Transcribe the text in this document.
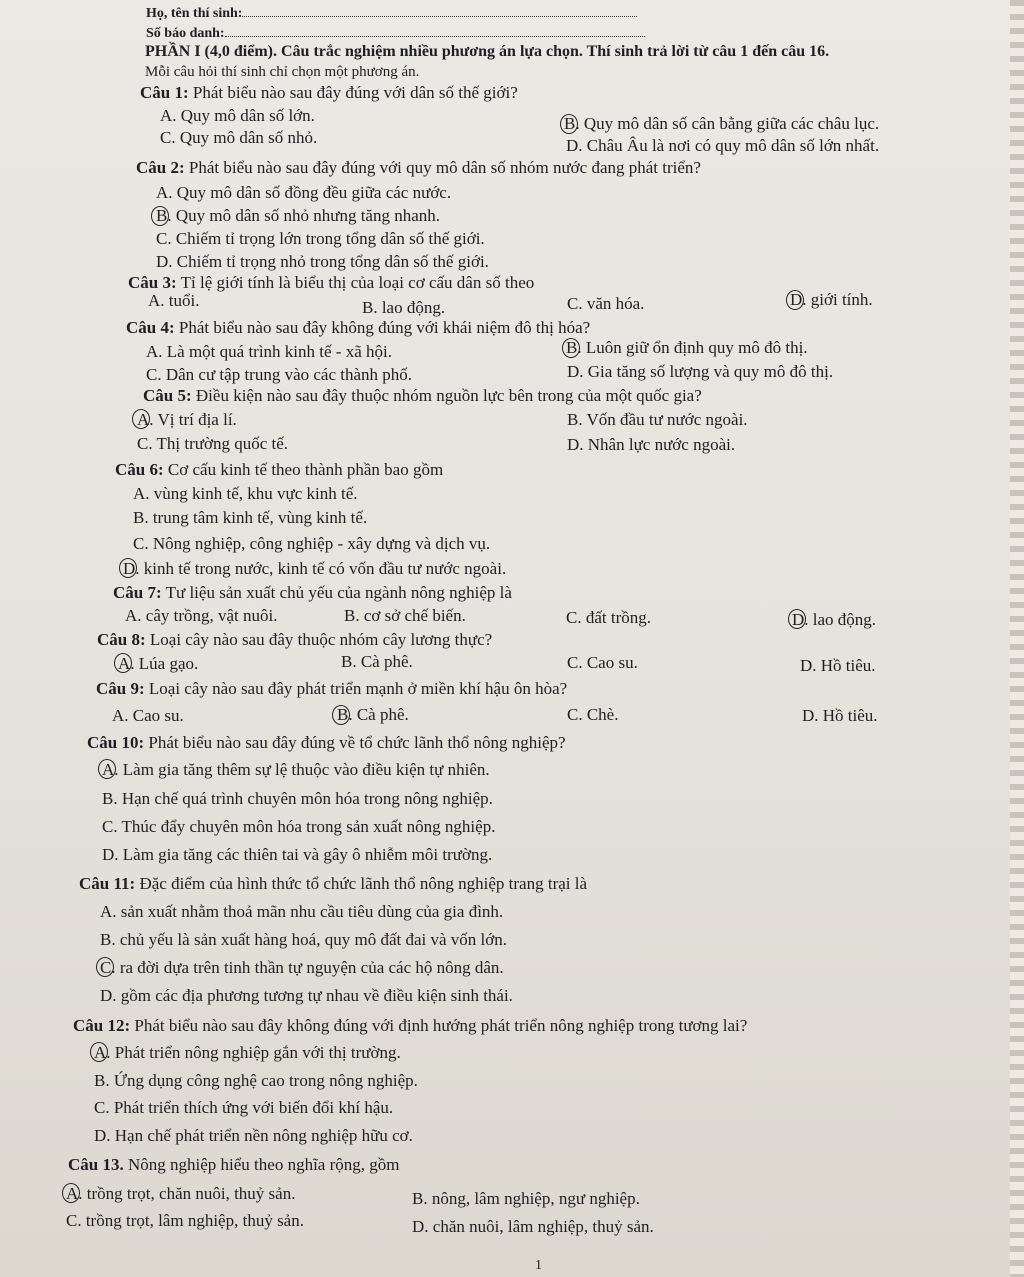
Họ, tên thí sinh:
Số báo danh:
PHẦN I (4,0 điểm). Câu trắc nghiệm nhiều phương án lựa chọn. Thí sinh trả lời từ câu 1 đến câu 16.
Mỗi câu hỏi thí sinh chỉ chọn một phương án.
Câu 1: Phát biểu nào sau đây đúng với dân số thế giới?
A. Quy mô dân số lớn.	B. Quy mô dân số cân bằng giữa các châu lục.
C. Quy mô dân số nhỏ.	D. Châu Âu là nơi có quy mô dân số lớn nhất.
Câu 2: Phát biểu nào sau đây đúng với quy mô dân số nhóm nước đang phát triển?
A. Quy mô dân số đồng đều giữa các nước.
B. Quy mô dân số nhỏ nhưng tăng nhanh.
C. Chiếm tỉ trọng lớn trong tổng dân số thế giới.
D. Chiếm tỉ trọng nhỏ trong tổng dân số thế giới.
Câu 3: Tỉ lệ giới tính là biểu thị của loại cơ cấu dân số theo
A. tuổi.	B. lao động.	C. văn hóa.	D. giới tính.
Câu 4: Phát biểu nào sau đây không đúng với khái niệm đô thị hóa?
A. Là một quá trình kinh tế - xã hội.	B. Luôn giữ ổn định quy mô đô thị.
C. Dân cư tập trung vào các thành phố.	D. Gia tăng số lượng và quy mô đô thị.
Câu 5: Điều kiện nào sau đây thuộc nhóm nguồn lực bên trong của một quốc gia?
A. Vị trí địa lí.	B. Vốn đầu tư nước ngoài.
C. Thị trường quốc tế.	D. Nhân lực nước ngoài.
Câu 6: Cơ cấu kinh tế theo thành phần bao gồm
A. vùng kinh tế, khu vực kinh tế.
B. trung tâm kinh tế, vùng kinh tế.
C. Nông nghiệp, công nghiệp - xây dựng và dịch vụ.
D. kinh tế trong nước, kinh tế có vốn đầu tư nước ngoài.
Câu 7: Tư liệu sản xuất chủ yếu của ngành nông nghiệp là
A. cây trồng, vật nuôi.	B. cơ sở chế biến.	C. đất trồng.	D. lao động.
Câu 8: Loại cây nào sau đây thuộc nhóm cây lương thực?
A. Lúa gạo.	B. Cà phê.	C. Cao su.	D. Hồ tiêu.
Câu 9: Loại cây nào sau đây phát triển mạnh ở miền khí hậu ôn hòa?
A. Cao su.	B. Cà phê.	C. Chè.	D. Hồ tiêu.
Câu 10: Phát biểu nào sau đây đúng về tổ chức lãnh thổ nông nghiệp?
A. Làm gia tăng thêm sự lệ thuộc vào điều kiện tự nhiên.
B. Hạn chế quá trình chuyên môn hóa trong nông nghiệp.
C. Thúc đẩy chuyên môn hóa trong sản xuất nông nghiệp.
D. Làm gia tăng các thiên tai và gây ô nhiễm môi trường.
Câu 11: Đặc điểm của hình thức tổ chức lãnh thổ nông nghiệp trang trại là
A. sản xuất nhằm thoả mãn nhu cầu tiêu dùng của gia đình.
B. chủ yếu là sản xuất hàng hoá, quy mô đất đai và vốn lớn.
C. ra đời dựa trên tinh thần tự nguyện của các hộ nông dân.
D. gồm các địa phương tương tự nhau về điều kiện sinh thái.
Câu 12: Phát biểu nào sau đây không đúng với định hướng phát triển nông nghiệp trong tương lai?
A. Phát triển nông nghiệp gắn với thị trường.
B. Ứng dụng công nghệ cao trong nông nghiệp.
C. Phát triển thích ứng với biến đổi khí hậu.
D. Hạn chế phát triển nền nông nghiệp hữu cơ.
Câu 13. Nông nghiệp hiểu theo nghĩa rộng, gồm
A. trồng trọt, chăn nuôi, thuỷ sản.	B. nông, lâm nghiệp, ngư nghiệp.
C. trồng trọt, lâm nghiệp, thuỷ sản.	D. chăn nuôi, lâm nghiệp, thuỷ sản.
1
